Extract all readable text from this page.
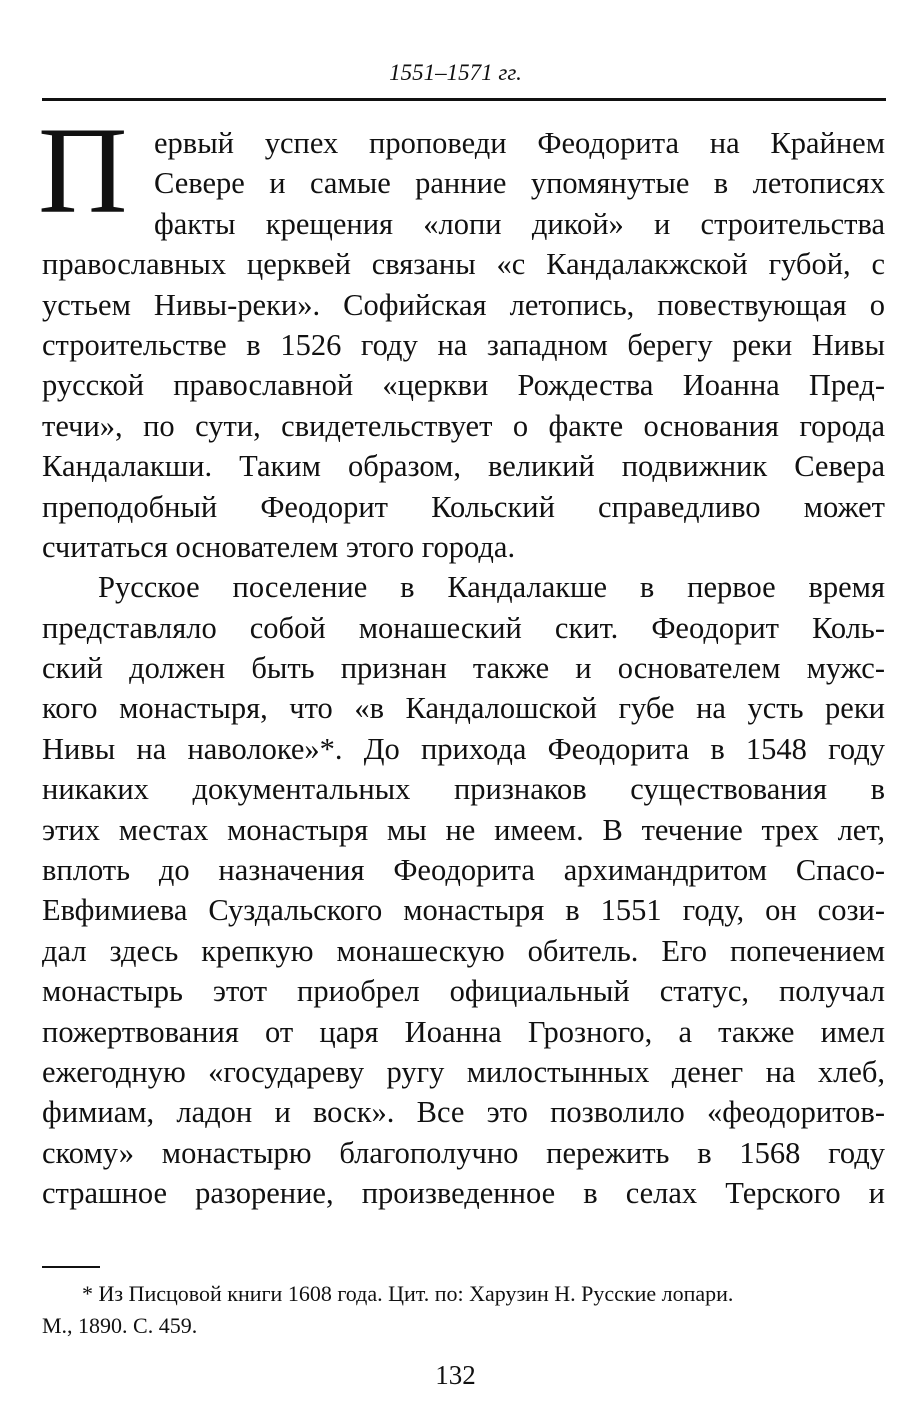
1551–1571 гг.
П ервый успех проповеди Феодорита на Крайнем
Севере и самые ранние упомянутые в летописях
факты крещения «лопи дикой» и строительства
православных церквей связаны «с Кандалакжской губой, с
устьем Нивы-реки». Софийская летопись, повествующая о
строительстве в 1526 году на западном берегу реки Нивы
русской православной «церкви Рождества Иоанна Пред-
течи», по сути, свидетельствует о факте основания города
Кандалакши. Таким образом, великий подвижник Севера
преподобный Феодорит Кольский справедливо может
считаться основателем этого города.
Русское поселение в Кандалакше в первое время
представляло собой монашеский скит. Феодорит Коль-
ский должен быть признан также и основателем мужс-
кого монастыря, что «в Кандалошской губе на усть реки
Нивы на наволоке»*. До прихода Феодорита в 1548 году
никаких документальных признаков существования в
этих местах монастыря мы не имеем. В течение трех лет,
вплоть до назначения Феодорита архимандритом Спасо-
Евфимиева Суздальского монастыря в 1551 году, он сози-
дал здесь крепкую монашескую обитель. Его попечением
монастырь этот приобрел официальный статус, получал
пожертвования от царя Иоанна Грозного, а также имел
ежегодную «государеву ругу милостынных денег на хлеб,
фимиам, ладон и воск». Все это позволило «феодоритов-
скому» монастырю благополучно пережить в 1568 году
страшное разорение, произведенное в селах Терского и
* Из Писцовой книги 1608 года. Цит. по: Харузин Н. Русские лопари.
М., 1890. С. 459.
132
